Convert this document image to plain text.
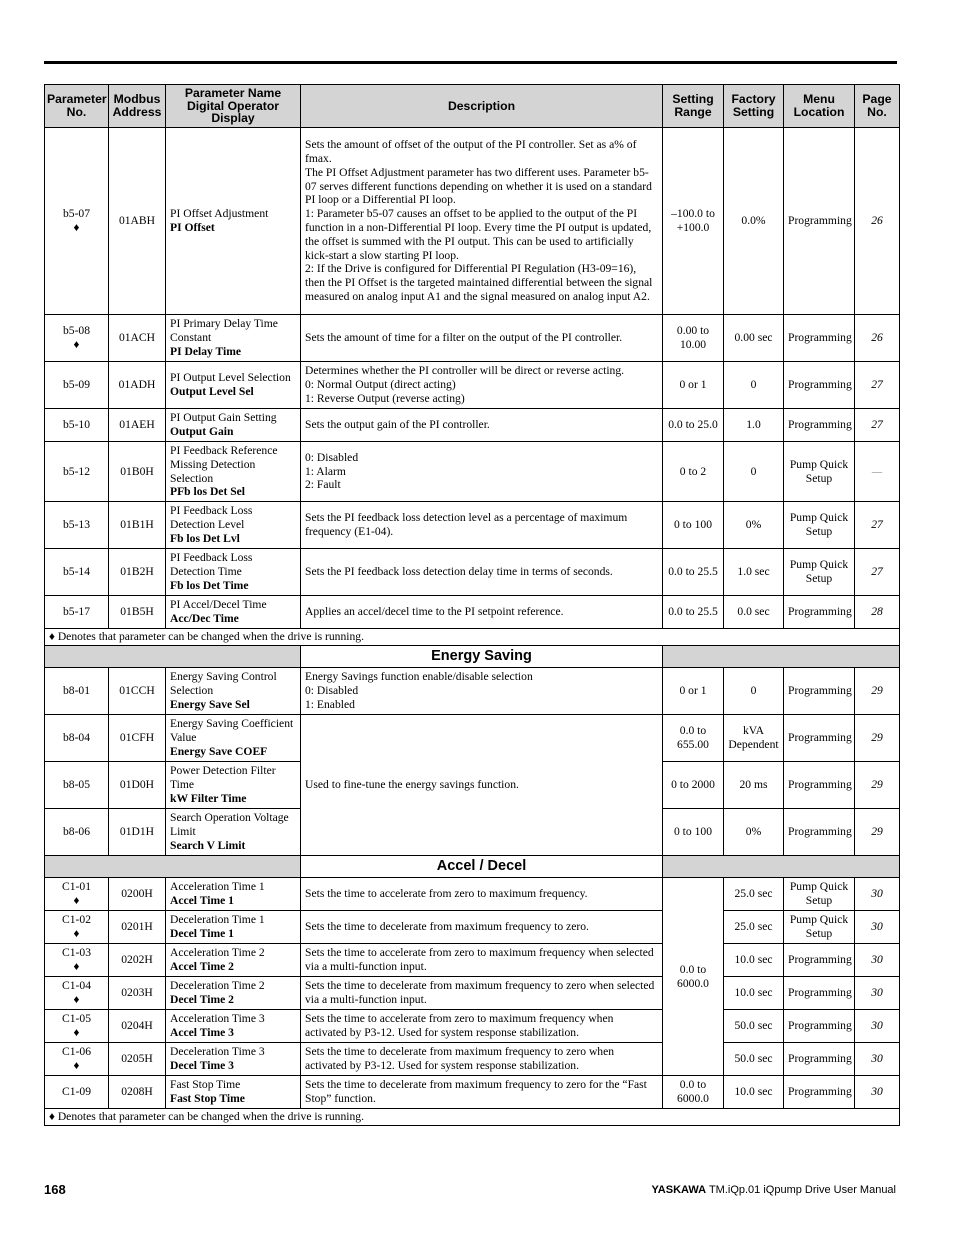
Parameter No.	Modbus Address	Parameter Name Digital Operator Display	Description	Setting Range	Factory Setting	Menu Location	Page No.

b5-07
♦	01ABH	PI Offset Adjustment
PI Offset	Sets the amount of offset of the output of the PI controller. Set as a% of fmax.
The PI Offset Adjustment parameter has two different uses. Parameter b5-07 serves different functions depending on whether it is used on a standard PI loop or a Differential PI loop.
1: Parameter b5-07 causes an offset to be applied to the output of the PI function in a non-Differential PI loop. Every time the PI output is updated, the offset is summed with the PI output. This can be used to artificially kick-start a slow starting PI loop.
2: If the Drive is configured for Differential PI Regulation (H3-09=16), then the PI Offset is the targeted maintained differential between the signal measured on analog input A1 and the signal measured on analog input A2.	–100.0 to +100.0	0.0%	Programming	26

b5-08
♦	01ACH	PI Primary Delay Time Constant
PI Delay Time	Sets the amount of time for a filter on the output of the PI controller.	0.00 to 10.00	0.00 sec	Programming	26

b5-09	01ADH	PI Output Level Selection
Output Level Sel	Determines whether the PI controller will be direct or reverse acting.
0: Normal Output (direct acting)
1: Reverse Output (reverse acting)	0 or 1	0	Programming	27

b5-10	01AEH	PI Output Gain Setting
Output Gain	Sets the output gain of the PI controller.	0.0 to 25.0	1.0	Programming	27

b5-12	01B0H	PI Feedback Reference Missing Detection Selection
PFb los Det Sel	0: Disabled
1: Alarm
2: Fault	0 to 2	0	Pump Quick Setup	—

b5-13	01B1H	PI Feedback Loss Detection Level
Fb los Det Lvl	Sets the PI feedback loss detection level as a percentage of maximum frequency (E1-04).	0 to 100	0%	Pump Quick Setup	27

b5-14	01B2H	PI Feedback Loss Detection Time
Fb los Det Time	Sets the PI feedback loss detection delay time in terms of seconds.	0.0 to 25.5	1.0 sec	Pump Quick Setup	27

b5-17	01B5H	PI Accel/Decel Time
Acc/Dec Time	Applies an accel/decel time to the PI setpoint reference.	0.0 to 25.5	0.0 sec	Programming	28
♦ Denotes that parameter can be changed when the drive is running.							
			Energy Saving				

b8-01	01CCH	Energy Saving Control Selection
Energy Save Sel	Energy Savings function enable/disable selection
0: Disabled
1: Enabled	0 or 1	0	Programming	29

b8-04	01CFH	Energy Saving Coefficient Value
Energy Save COEF	Used to fine-tune the energy savings function.	0.0 to 655.00	kVA Dependent	Programming	29

b8-05	01D0H	Power Detection Filter Time
kW Filter Time		0 to 2000	20 ms	Programming	29

b8-06	01D1H	Search Operation Voltage Limit
Search V Limit		0 to 100	0%	Programming	29
			Accel / Decel				

C1-01
♦	0200H	Acceleration Time 1
Accel Time 1	Sets the time to accelerate from zero to maximum frequency.	0.0 to 6000.0	25.0 sec	Pump Quick Setup	30

C1-02
♦	0201H	Deceleration Time 1
Decel Time 1	Sets the time to decelerate from maximum frequency to zero.		25.0 sec	Pump Quick Setup	30

C1-03
♦	0202H	Acceleration Time 2
Accel Time 2	Sets the time to accelerate from zero to maximum frequency when selected via a multi-function input.		10.0 sec	Programming	30

C1-04
♦	0203H	Deceleration Time 2
Decel Time 2	Sets the time to decelerate from maximum frequency to zero when selected via a multi-function input.		10.0 sec	Programming	30

C1-05
♦	0204H	Acceleration Time 3
Accel Time 3	Sets the time to accelerate from zero to maximum frequency when activated by P3-12. Used for system response stabilization.		50.0 sec	Programming	30

C1-06
♦	0205H	Deceleration Time 3
Decel Time 3	Sets the time to decelerate from maximum frequency to zero when activated by P3-12. Used for system response stabilization.		50.0 sec	Programming	30

C1-09	0208H	Fast Stop Time
Fast Stop Time	Sets the time to decelerate from maximum frequency to zero for the “Fast Stop” function.	0.0 to 6000.0	10.0 sec	Programming	30
♦ Denotes that parameter can be changed when the drive is running.							
168	YASKAWA TM.iQp.01 iQpump Drive User Manual
